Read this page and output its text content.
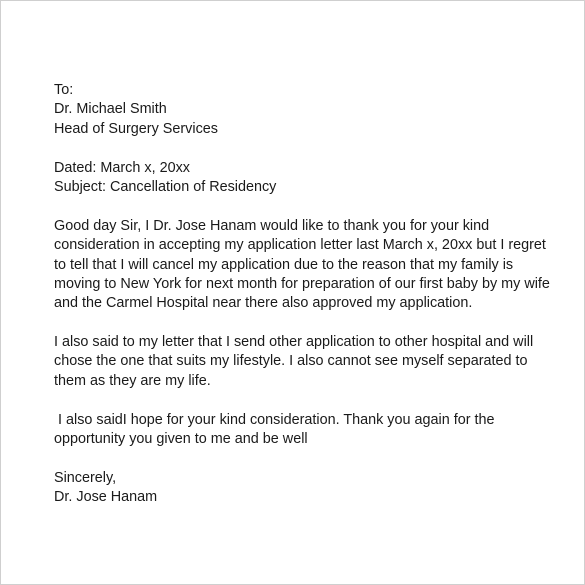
To:
Dr. Michael Smith
Head of Surgery Services
Dated: March x, 20xx
Subject: Cancellation of Residency
Good day Sir, I Dr. Jose Hanam would like to thank you for your kind
consideration in accepting my application letter last March x, 20xx but I regret
to tell that I will cancel my application due to the reason that my family is
moving to New York for next month for preparation of our first baby by my wife
and the Carmel Hospital near there also approved my application.
I also said to my letter that I send other application to other hospital and will
chose the one that suits my lifestyle. I also cannot see myself separated to
them as they are my life.
I also saidI hope for your kind consideration. Thank you again for the
opportunity you given to me and be well
Sincerely,
Dr. Jose Hanam
